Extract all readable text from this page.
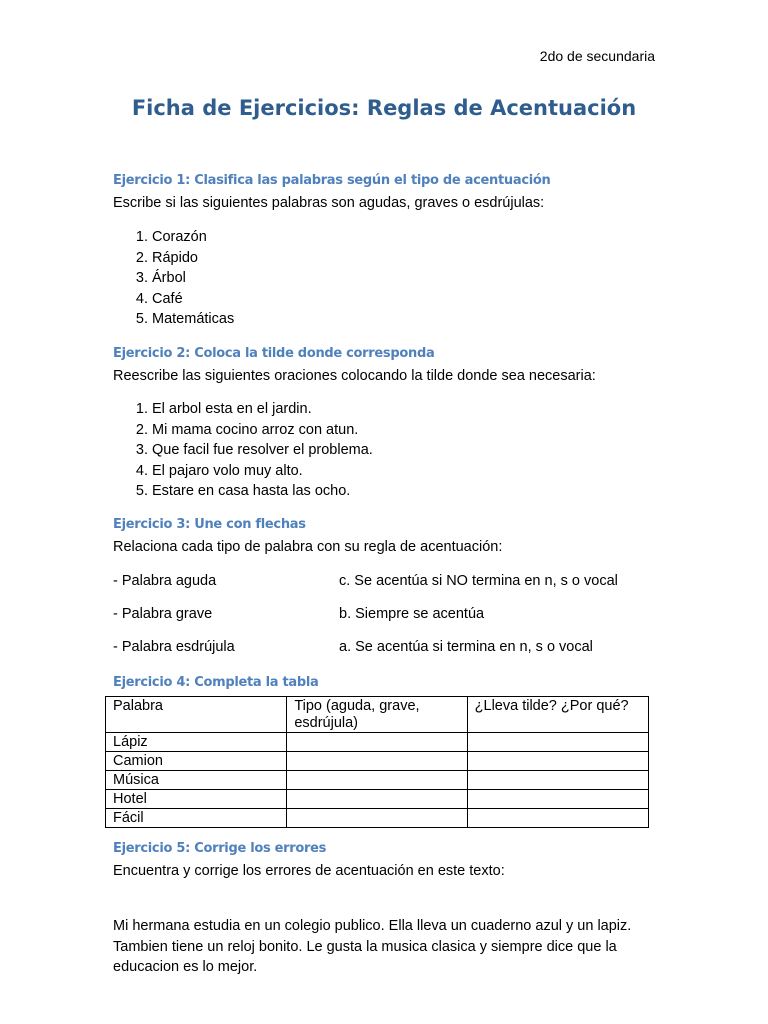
2do de secundaria
Ficha de Ejercicios: Reglas de Acentuación
Ejercicio 1: Clasifica las palabras según el tipo de acentuación
Escribe si las siguientes palabras son agudas, graves o esdrújulas:
1. Corazón
2. Rápido
3. Árbol
4. Café
5. Matemáticas
Ejercicio 2: Coloca la tilde donde corresponda
Reescribe las siguientes oraciones colocando la tilde donde sea necesaria:
1. El arbol esta en el jardin.
2. Mi mama cocino arroz con atun.
3. Que facil fue resolver el problema.
4. El pajaro volo muy alto.
5. Estare en casa hasta las ocho.
Ejercicio 3: Une con flechas
Relaciona cada tipo de palabra con su regla de acentuación:
- Palabra aguda	c. Se acentúa si NO termina en n, s o vocal
- Palabra grave	b. Siempre se acentúa
- Palabra esdrújula	a. Se acentúa si termina en n, s o vocal
Ejercicio 4: Completa la tabla
Palabra	Tipo (aguda, grave, esdrújula)	¿Lleva tilde? ¿Por qué?
Lápiz		
Camion		
Música		
Hotel		
Fácil		
Ejercicio 5: Corrige los errores
Encuentra y corrige los errores de acentuación en este texto:
Mi hermana estudia en un colegio publico. Ella lleva un cuaderno azul y un lapiz. Tambien tiene un reloj bonito. Le gusta la musica clasica y siempre dice que la educacion es lo mejor.
